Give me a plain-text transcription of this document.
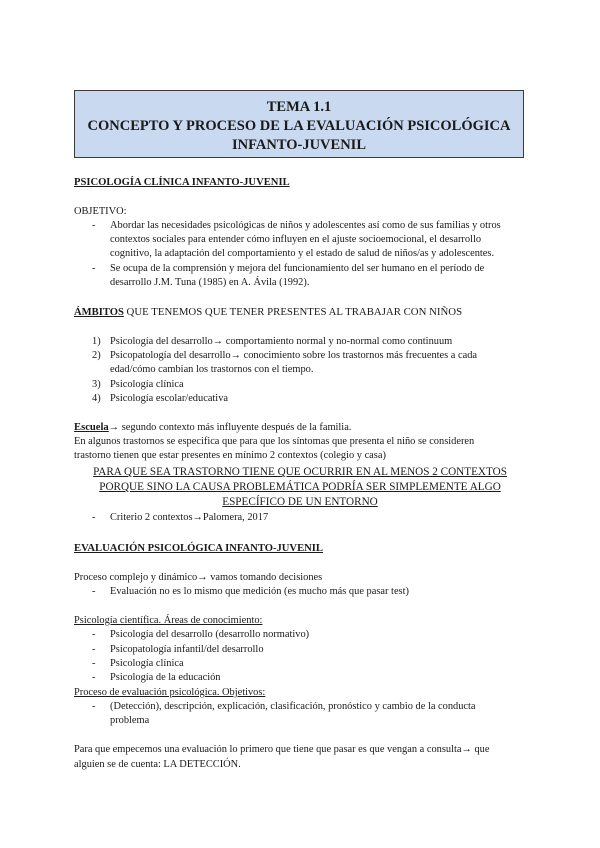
TEMA 1.1
CONCEPTO Y PROCESO DE LA EVALUACIÓN PSICOLÓGICA
INFANTO-JUVENIL
PSICOLOGÍA CLÍNICA INFANTO-JUVENIL
OBJETIVO:
- Abordar las necesidades psicológicas de niños y adolescentes así como de sus familias y otros
contextos sociales para entender cómo influyen en el ajuste socioemocional, el desarrollo
cognitivo, la adaptación del comportamiento y el estado de salud de niños/as y adolescentes.
- Se ocupa de la comprensión y mejora del funcionamiento del ser humano en el período de
desarrollo J.M. Tuna (1985) en A. Ávila (1992).
ÁMBITOS QUE TENEMOS QUE TENER PRESENTES AL TRABAJAR CON NIÑOS
1) Psicología del desarrollo→ comportamiento normal y no-normal como continuum
2) Psicopatología del desarrollo→ conocimiento sobre los trastornos más frecuentes a cada
edad/cómo cambian los trastornos con el tiempo.
3) Psicología clínica
4) Psicología escolar/educativa
Escuela→ segundo contexto más influyente después de la familia.
En algunos trastornos se especifica que para que los síntomas que presenta el niño se consideren
trastorno tienen que estar presentes en mínimo 2 contextos (colegio y casa)
PARA QUE SEA TRASTORNO TIENE QUE OCURRIR EN AL MENOS 2 CONTEXTOS
PORQUE SINO LA CAUSA PROBLEMÁTICA PODRÍA SER SIMPLEMENTE ALGO
ESPECÍFICO DE UN ENTORNO
- Criterio 2 contextos→Palomera, 2017
EVALUACIÓN PSICOLÓGICA INFANTO-JUVENIL
Proceso complejo y dinámico→ vamos tomando decisiones
- Evaluación no es lo mismo que medición (es mucho más que pasar test)
Psicología científica. Áreas de conocimiento:
- Psicología del desarrollo (desarrollo normativo)
- Psicopatología infantil/del desarrollo
- Psicología clínica
- Psicología de la educación
Proceso de evaluación psicológica. Objetivos:
- (Detección), descripción, explicación, clasificación, pronóstico y cambio de la conducta
problema
Para que empecemos una evaluación lo primero que tiene que pasar es que vengan a consulta→ que
alguien se de cuenta: LA DETECCIÓN.
